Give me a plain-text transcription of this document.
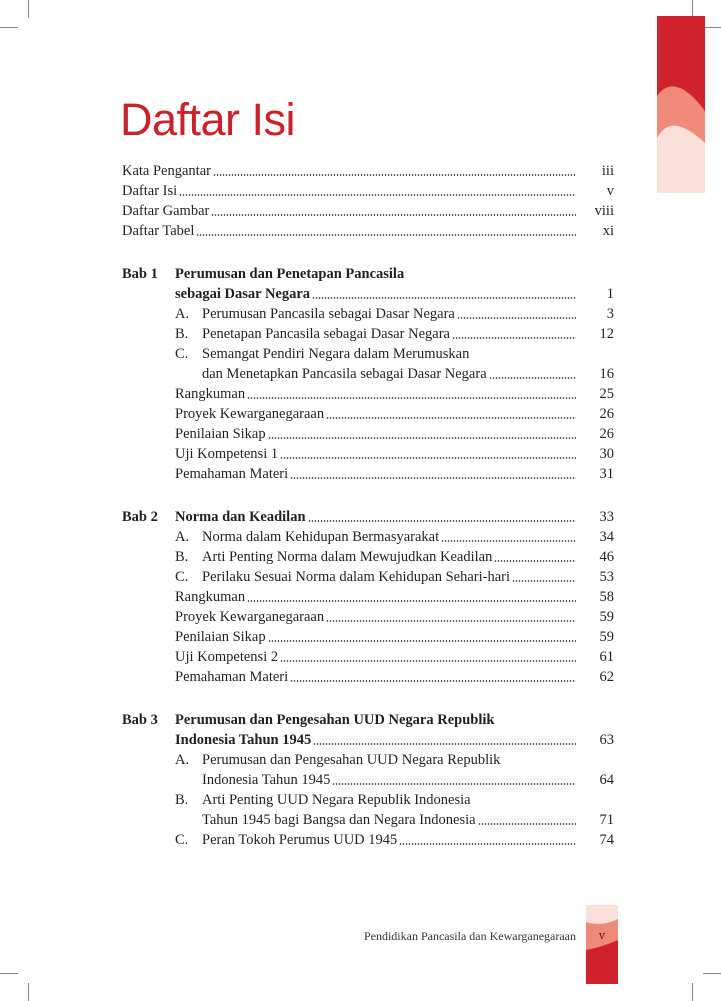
Daftar Isi
Kata Pengantar	iii
Daftar Isi	v
Daftar Gambar	viii
Daftar Tabel	xi
Bab 1	Perumusan dan Penetapan Pancasila
sebagai Dasar Negara	1
A. Perumusan Pancasila sebagai Dasar Negara	3
B. Penetapan Pancasila sebagai Dasar Negara	12
C. Semangat Pendiri Negara dalam Merumuskan
dan Menetapkan Pancasila sebagai Dasar Negara	16
Rangkuman	25
Proyek Kewarganegaraan	26
Penilaian Sikap	26
Uji Kompetensi 1	30
Pemahaman Materi	31
Bab 2	Norma dan Keadilan	33
A. Norma dalam Kehidupan Bermasyarakat	34
B. Arti Penting Norma dalam Mewujudkan Keadilan	46
C. Perilaku Sesuai Norma dalam Kehidupan Sehari-hari	53
Rangkuman	58
Proyek Kewarganegaraan	59
Penilaian Sikap	59
Uji Kompetensi 2	61
Pemahaman Materi	62
Bab 3	Perumusan dan Pengesahan UUD Negara Republik
Indonesia Tahun 1945	63
A. Perumusan dan Pengesahan UUD Negara Republik
Indonesia Tahun 1945	64
B. Arti Penting UUD Negara Republik Indonesia
Tahun 1945 bagi Bangsa dan Negara Indonesia	71
C. Peran Tokoh Perumus UUD 1945	74
Pendidikan Pancasila dan Kewarganegaraan	v
